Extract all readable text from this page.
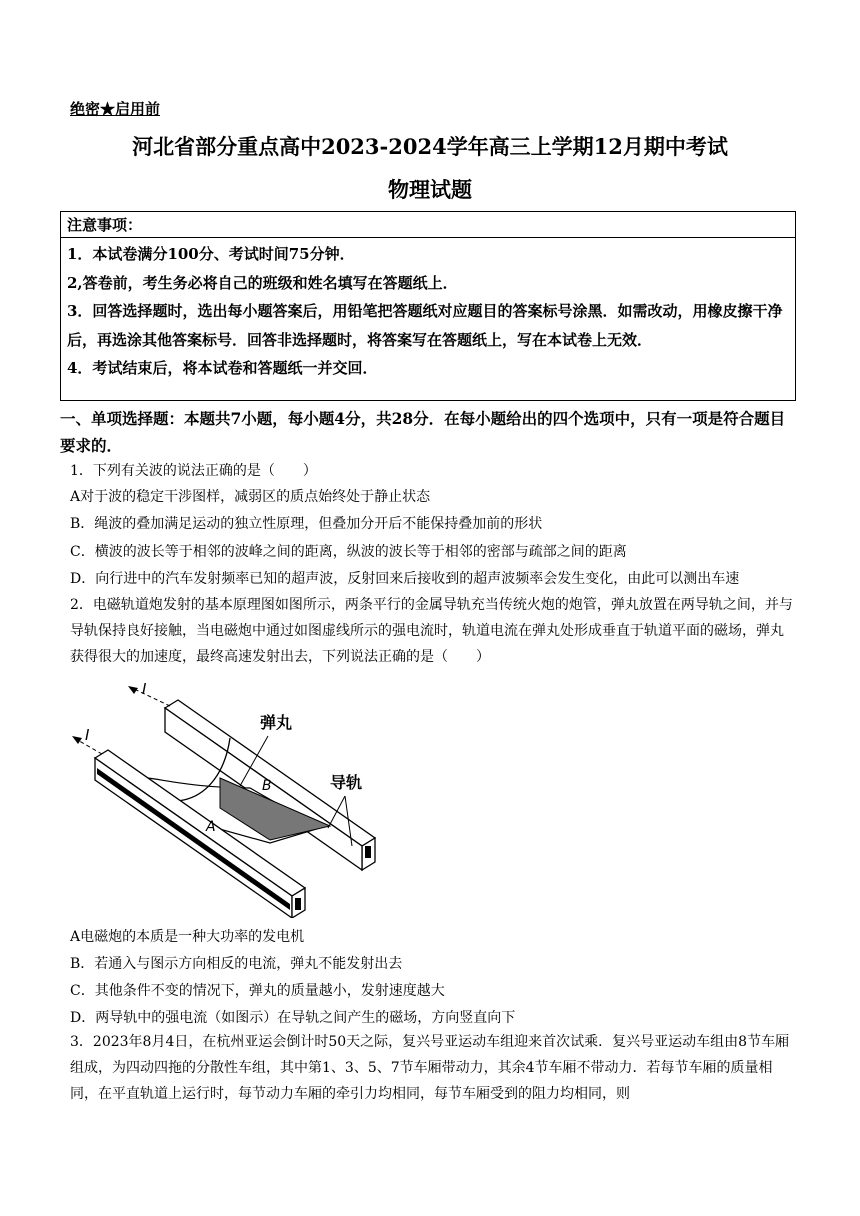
绝密★启用前
河北省部分重点高中2023-2024学年高三上学期12月期中考试
物理试题
注意事项：
1．本试卷满分100分、考试时间75分钟．
2,答卷前，考生务必将自己的班级和姓名填写在答题纸上．
3．回答选择题时，选出每小题答案后，用铅笔把答题纸对应题目的答案标号涂黑．如需改动，用橡皮擦干净后，再选涂其他答案标号．回答非选择题时，将答案写在答题纸上，写在本试卷上无效．
4．考试结束后，将本试卷和答题纸一并交回．
一、单项选择题：本题共7小题，每小题4分，共28分．在每小题给出的四个选项中，只有一项是符合题目要求的．
1．下列有关波的说法正确的是（　　）
A对于波的稳定干涉图样，减弱区的质点始终处于静止状态
B．绳波的叠加满足运动的独立性原理，但叠加分开后不能保持叠加前的形状
C．横波的波长等于相邻的波峰之间的距离，纵波的波长等于相邻的密部与疏部之间的距离
D．向行进中的汽车发射频率已知的超声波，反射回来后接收到的超声波频率会发生变化，由此可以测出车速
2．电磁轨道炮发射的基本原理图如图所示，两条平行的金属导轨充当传统火炮的炮管，弹丸放置在两导轨之间，并与导轨保持良好接触，当电磁炮中通过如图虚线所示的强电流时，轨道电流在弹丸处形成垂直于轨道平面的磁场，弹丸获得很大的加速度，最终高速发射出去，下列说法正确的是（　　）
I
I
弹丸
导轨
B
A
A电磁炮的本质是一种大功率的发电机
B．若通入与图示方向相反的电流，弹丸不能发射出去
C．其他条件不变的情况下，弹丸的质量越小，发射速度越大
D．两导轨中的强电流（如图示）在导轨之间产生的磁场，方向竖直向下
3．2023年8月4日，在杭州亚运会倒计时50天之际，复兴号亚运动车组迎来首次试乘．复兴号亚运动车组由8节车厢组成，为四动四拖的分散性车组，其中第1、3、5、7节车厢带动力，其余4节车厢不带动力．若每节车厢的质量相同，在平直轨道上运行时，每节动力车厢的牵引力均相同，每节车厢受到的阻力均相同，则
